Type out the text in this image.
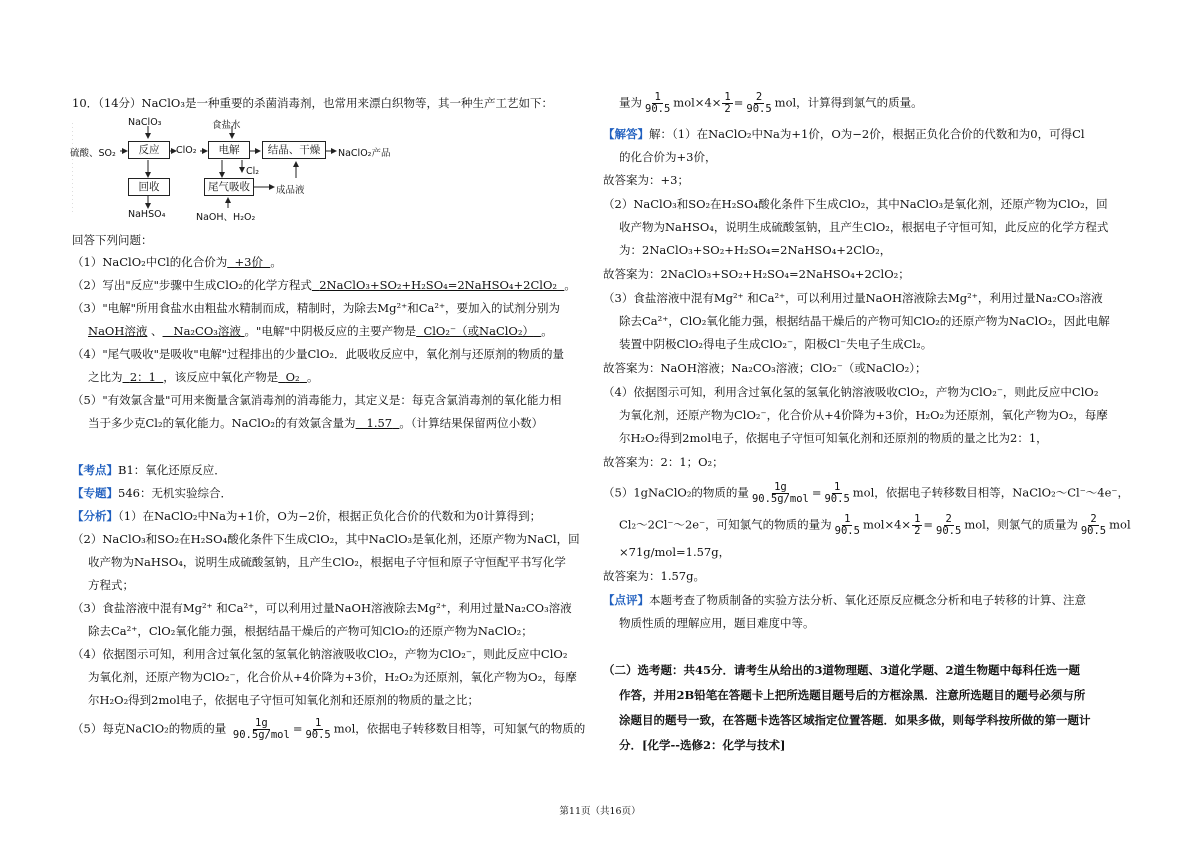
10．（14分）NaClO₃是一种重要的杀菌消毒剂，也常用来漂白织物等，其一种生产工艺如下：
NaClO₃	食盐水
硫酸、SO₂	反应	ClO₂	电解	结晶、干燥	NaClO₂产品
Cl₂
回收	尾气吸收	成品液
NaHSO₄	NaOH、H₂O₂
回答下列问题：
（1）NaClO₂中Cl的化合价为 +3价 。
（2）写出"反应"步骤中生成ClO₂的化学方程式 2NaClO₃+SO₂+H₂SO₄=2NaHSO₄+2ClO₂ 。
（3）"电解"所用食盐水由粗盐水精制而成，精制时，为除去Mg²⁺和Ca²⁺，要加入的试剂分别为
NaOH溶液 、 Na₂CO₃溶液 。"电解"中阴极反应的主要产物是 ClO₂⁻（或NaClO₂） 。
（4）"尾气吸收"是吸收"电解"过程排出的少量ClO₂．此吸收反应中，氧化剂与还原剂的物质的量
之比为 2：1 ，该反应中氧化产物是 O₂ 。
（5）"有效氯含量"可用来衡量含氯消毒剂的消毒能力，其定义是：每克含氯消毒剂的氧化能力相
当于多少克Cl₂的氧化能力。NaClO₂的有效氯含量为 1.57 。（计算结果保留两位小数）
【考点】B1：氧化还原反应．
【专题】546：无机实验综合．
【分析】（1）在NaClO₂中Na为+1价，O为−2价，根据正负化合价的代数和为0计算得到；
（2）NaClO₃和SO₂在H₂SO₄酸化条件下生成ClO₂，其中NaClO₃是氧化剂，还原产物为NaCl，回
收产物为NaHSO₄，说明生成硫酸氢钠，且产生ClO₂，根据电子守恒和原子守恒配平书写化学
方程式；
（3）食盐溶液中混有Mg²⁺ 和Ca²⁺，可以利用过量NaOH溶液除去Mg²⁺，利用过量Na₂CO₃溶液
除去Ca²⁺，ClO₂氧化能力强，根据结晶干燥后的产物可知ClO₂的还原产物为NaClO₂；
（4）依据图示可知，利用含过氧化氢的氢氧化钠溶液吸收ClO₂，产物为ClO₂⁻，则此反应中ClO₂
为氧化剂，还原产物为ClO₂⁻，化合价从+4价降为+3价，H₂O₂为还原剂，氧化产物为O₂，每摩
尔H₂O₂得到2mol电子，依据电子守恒可知氧化剂和还原剂的物质的量之比；
（5）每克NaClO₂的物质的量 $\frac{1g}{\text{90.5g/mol}} = \frac{1}{90.5}$ mol，依据电子转移数目相等，可知氯气的物质的
量为 $\frac{1}{90.5} mol\times 4\times \frac{1}{2} = \frac{2}{90.5}$ mol，计算得到氯气的质量。
【解答】解：（1）在NaClO₂中Na为+1价，O为−2价，根据正负化合价的代数和为0，可得Cl
的化合价为+3价，
故答案为：+3；
（2）NaClO₃和SO₂在H₂SO₄酸化条件下生成ClO₂，其中NaClO₃是氧化剂，还原产物为ClO₂，回
收产物为NaHSO₄，说明生成硫酸氢钠，且产生ClO₂，根据电子守恒可知，此反应的化学方程式
为：2NaClO₃+SO₂+H₂SO₄=2NaHSO₄+2ClO₂，
故答案为：2NaClO₃+SO₂+H₂SO₄=2NaHSO₄+2ClO₂；
（3）食盐溶液中混有Mg²⁺ 和Ca²⁺，可以利用过量NaOH溶液除去Mg²⁺，利用过量Na₂CO₃溶液
除去Ca²⁺，ClO₂氧化能力强，根据结晶干燥后的产物可知ClO₂的还原产物为NaClO₂，因此电解
装置中阴极ClO₂得电子生成ClO₂⁻，阳极Cl⁻失电子生成Cl₂。
故答案为：NaOH溶液；Na₂CO₃溶液；ClO₂⁻（或NaClO₂）；
（4）依据图示可知，利用含过氧化氢的氢氧化钠溶液吸收ClO₂，产物为ClO₂⁻，则此反应中ClO₂
为氧化剂，还原产物为ClO₂⁻，化合价从+4价降为+3价，H₂O₂为还原剂，氧化产物为O₂，每摩
尔H₂O₂得到2mol电子，依据电子守恒可知氧化剂和还原剂的物质的量之比为2：1，
故答案为：2：1；O₂；
（5）1gNaClO₂的物质的量 $\frac{1g}{\text{90.5g/mol}} = \frac{1}{90.5}$ mol，依据电子转移数目相等，NaClO₂～Cl⁻～4e⁻，
Cl₂～2Cl⁻～2e⁻，可知氯气的物质的量为 $\frac{1}{90.5} mol\times 4\times \frac{1}{2} = \frac{2}{90.5}$ mol，则氯气的质量为 $\frac{2}{90.5}$ mol
×71g/mol=1.57g，
故答案为：1.57g。
【点评】本题考查了物质制备的实验方法分析、氧化还原反应概念分析和电子转移的计算、注意
物质性质的理解应用，题目难度中等。
（二）选考题：共45分．请考生从给出的3道物理题、3道化学题、2道生物题中每科任选一题
作答，并用2B铅笔在答题卡上把所选题目题号后的方框涂黑．注意所选题目的题号必须与所
涂题目的题号一致，在答题卡选答区域指定位置答题．如果多做，则每学科按所做的第一题计
分．[化学--选修2：化学与技术]
第11页（共16页）
